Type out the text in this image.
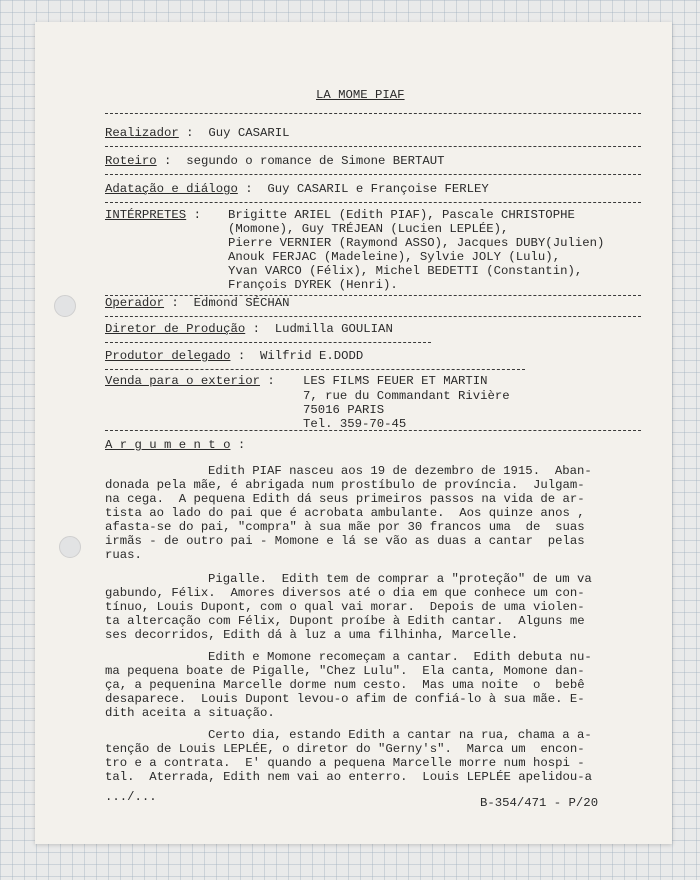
LA MOME PIAF
Realizador :  Guy CASARIL
Roteiro :  segundo o romance de Simone BERTAUT
Adatação e diálogo :  Guy CASARIL e Françoise FERLEY
INTÉRPRETES : Brigitte ARIEL (Edith PIAF), Pascale CHRISTOPHE
(Momone), Guy TRÉJEAN (Lucien LEPLÉE),
Pierre VERNIER (Raymond ASSO), Jacques DUBY(Julien)
Anouk FERJAC (Madeleine), Sylvie JOLY (Lulu),
Yvan VARCO (Félix), Michel BEDETTI (Constantin),
François DYREK (Henri).
Operador :  Edmond SÉCHAN
Diretor de Produção :  Ludmilla GOULIAN
Produtor delegado :  Wilfrid E.DODD
Venda para o exterior : LES FILMS FEUER ET MARTIN
7, rue du Commandant Rivière
75016 PARIS
Tel. 359-70-45
A r g u m e n t o :
Edith PIAF nasceu aos 19 de dezembro de 1915.  Aban-
donada pela mãe, é abrigada num prostíbulo de província.  Julgam-
na cega.  A pequena Edith dá seus primeiros passos na vida de ar-
tista ao lado do pai que é acrobata ambulante.  Aos quinze anos ,
afasta-se do pai, "compra" à sua mãe por 30 francos uma  de  suas
irmãs - de outro pai - Momone e lá se vão as duas a cantar  pelas
ruas.
Pigalle.  Edith tem de comprar a "proteção" de um va
gabundo, Félix.  Amores diversos até o dia em que conhece um con-
tínuo, Louis Dupont, com o qual vai morar.  Depois de uma violen-
ta altercação com Félix, Dupont proíbe à Edith cantar.  Alguns me
ses decorridos, Edith dá à luz a uma filhinha, Marcelle.
Edith e Momone recomeçam a cantar.  Edith debuta nu-
ma pequena boate de Pigalle, "Chez Lulu".  Ela canta, Momone dan-
ça, a pequenina Marcelle dorme num cesto.  Mas uma noite  o  bebê
desaparece.  Louis Dupont levou-o afim de confiá-lo à sua mãe. E-
dith aceita a situação.
Certo dia, estando Edith a cantar na rua, chama a a-
tenção de Louis LEPLÉE, o diretor do "Gerny's".  Marca um  encon-
tro e a contrata.  E' quando a pequena Marcelle morre num hospi -
tal.  Aterrada, Edith nem vai ao enterro.  Louis LEPLÉE apelidou-a
.../...	B-354/471 - P/20
